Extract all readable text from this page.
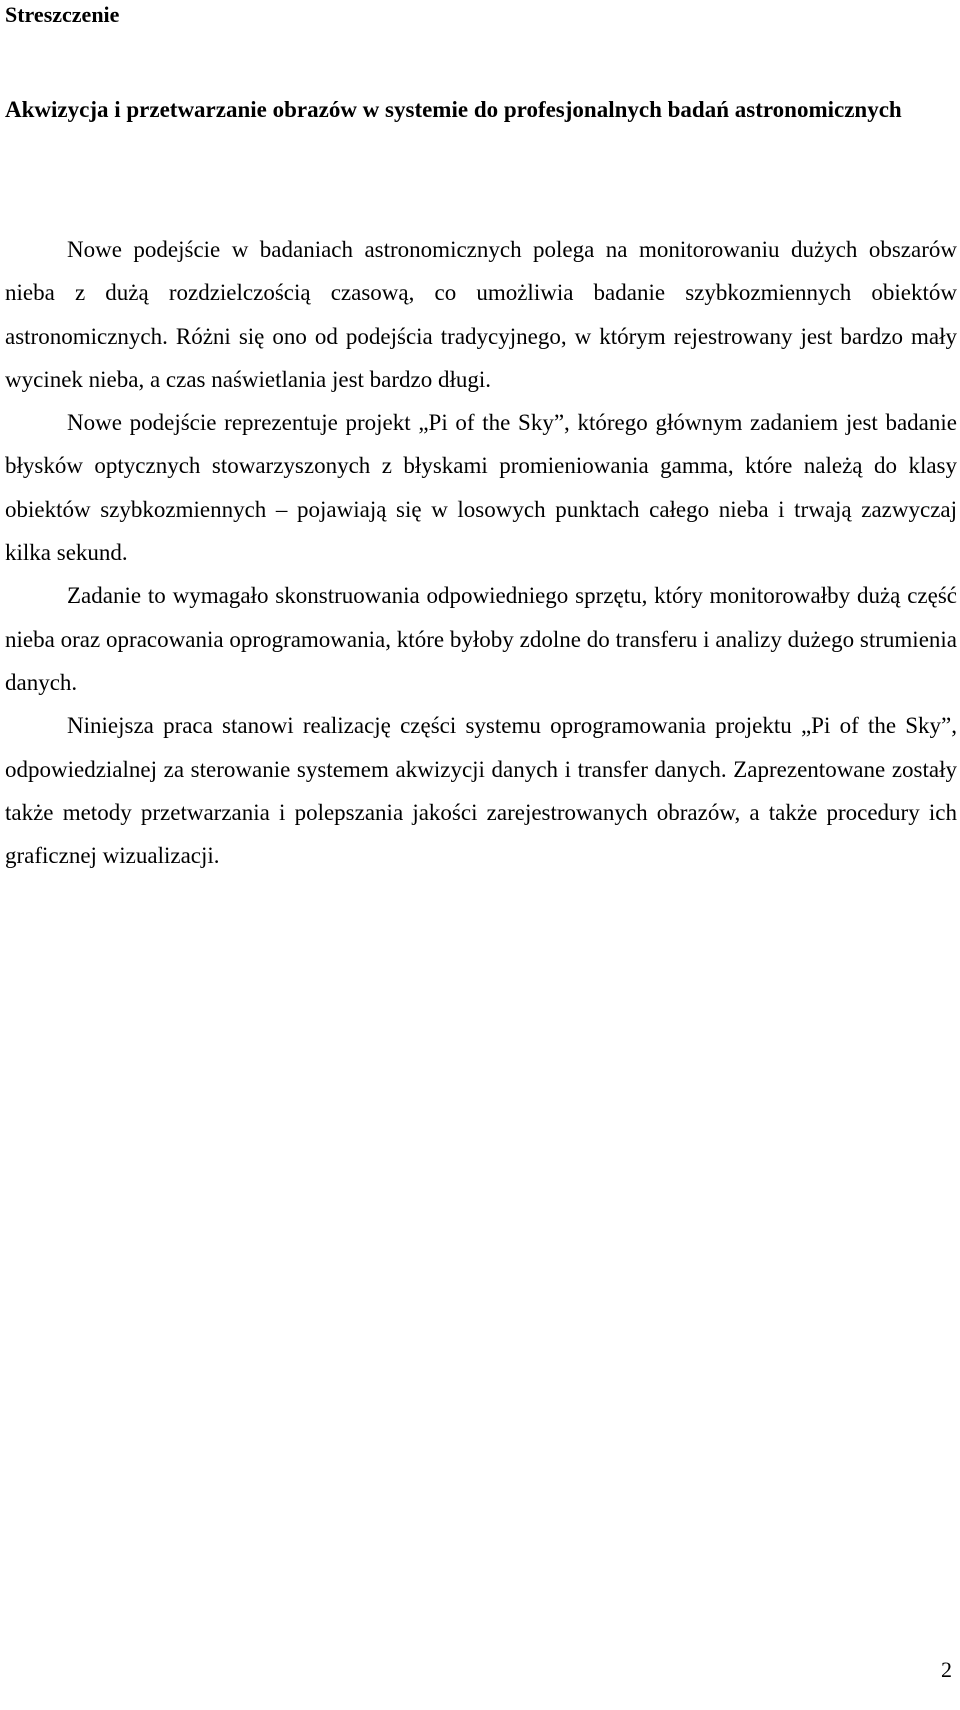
Streszczenie
Akwizycja i przetwarzanie obrazów w systemie do profesjonalnych badań astronomicznych

Nowe podejście w badaniach astronomicznych polega na monitorowaniu dużych obszarów nieba z dużą rozdzielczością czasową, co umożliwia badanie szybkozmiennych obiektów astronomicznych. Różni się ono od podejścia tradycyjnego, w którym rejestrowany jest bardzo mały wycinek nieba, a czas naświetlania jest bardzo długi.

Nowe podejście reprezentuje projekt „Pi of the Sky”, którego głównym zadaniem jest badanie błysków optycznych stowarzyszonych z błyskami promieniowania gamma, które należą do klasy obiektów szybkozmiennych – pojawiają się w losowych punktach całego nieba i trwają zazwyczaj kilka sekund.

Zadanie to wymagało skonstruowania odpowiedniego sprzętu, który monitorowałby dużą część nieba oraz opracowania oprogramowania, które byłoby zdolne do transferu i analizy dużego strumienia danych.

Niniejsza praca stanowi realizację części systemu oprogramowania projektu „Pi of the Sky”, odpowiedzialnej za sterowanie systemem akwizycji danych i transfer danych. Zaprezentowane zostały także metody przetwarzania i polepszania jakości zarejestrowanych obrazów, a także procedury ich graficznej wizualizacji.

2
